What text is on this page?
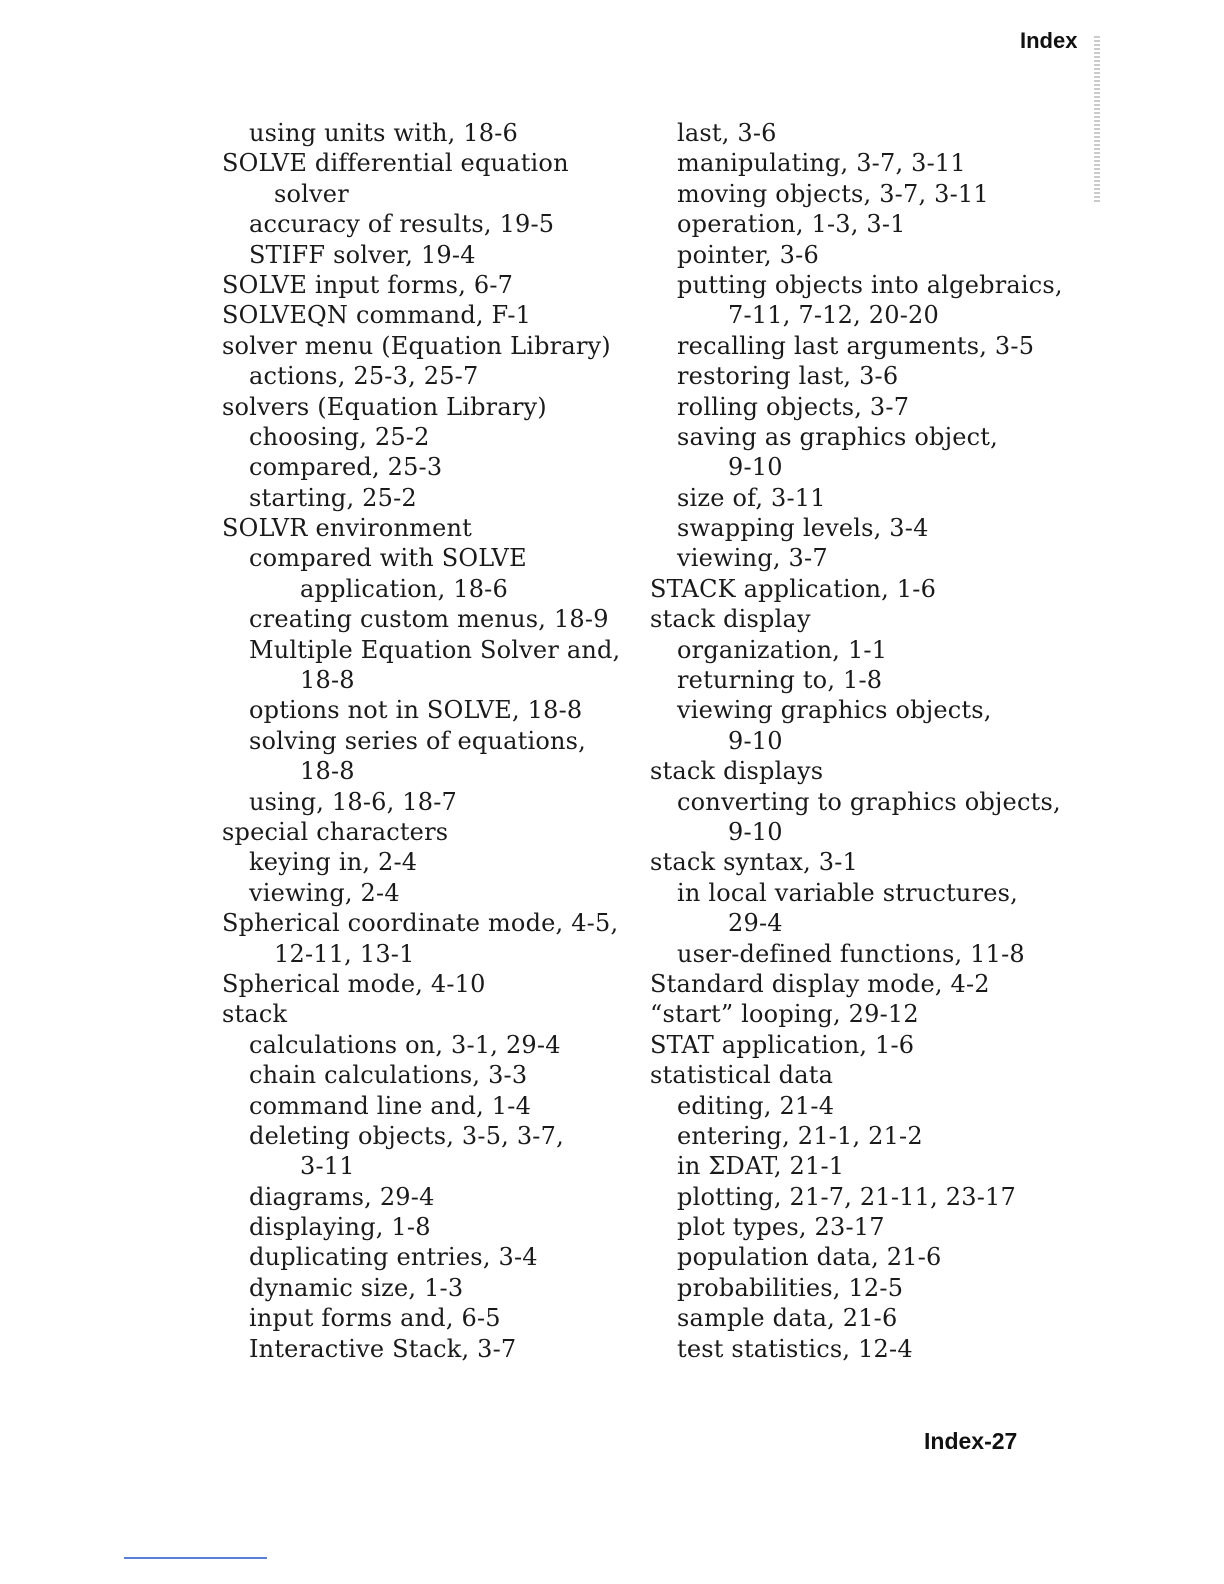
Index
using units with, 18-6
SOLVE differential equation
solver
accuracy of results, 19-5
STIFF solver, 19-4
SOLVE input forms, 6-7
SOLVEQN command, F-1
solver menu (Equation Library)
actions, 25-3, 25-7
solvers (Equation Library)
choosing, 25-2
compared, 25-3
starting, 25-2
SOLVR environment
compared with SOLVE
application, 18-6
creating custom menus, 18-9
Multiple Equation Solver and,
18-8
options not in SOLVE, 18-8
solving series of equations,
18-8
using, 18-6, 18-7
special characters
keying in, 2-4
viewing, 2-4
Spherical coordinate mode, 4-5,
12-11, 13-1
Spherical mode, 4-10
stack
calculations on, 3-1, 29-4
chain calculations, 3-3
command line and, 1-4
deleting objects, 3-5, 3-7,
3-11
diagrams, 29-4
displaying, 1-8
duplicating entries, 3-4
dynamic size, 1-3
input forms and, 6-5
Interactive Stack, 3-7
last, 3-6
manipulating, 3-7, 3-11
moving objects, 3-7, 3-11
operation, 1-3, 3-1
pointer, 3-6
putting objects into algebraics,
7-11, 7-12, 20-20
recalling last arguments, 3-5
restoring last, 3-6
rolling objects, 3-7
saving as graphics object,
9-10
size of, 3-11
swapping levels, 3-4
viewing, 3-7
STACK application, 1-6
stack display
organization, 1-1
returning to, 1-8
viewing graphics objects,
9-10
stack displays
converting to graphics objects,
9-10
stack syntax, 3-1
in local variable structures,
29-4
user-defined functions, 11-8
Standard display mode, 4-2
“start” looping, 29-12
STAT application, 1-6
statistical data
editing, 21-4
entering, 21-1, 21-2
in ΣDAT, 21-1
plotting, 21-7, 21-11, 23-17
plot types, 23-17
population data, 21-6
probabilities, 12-5
sample data, 21-6
test statistics, 12-4
Index-27
